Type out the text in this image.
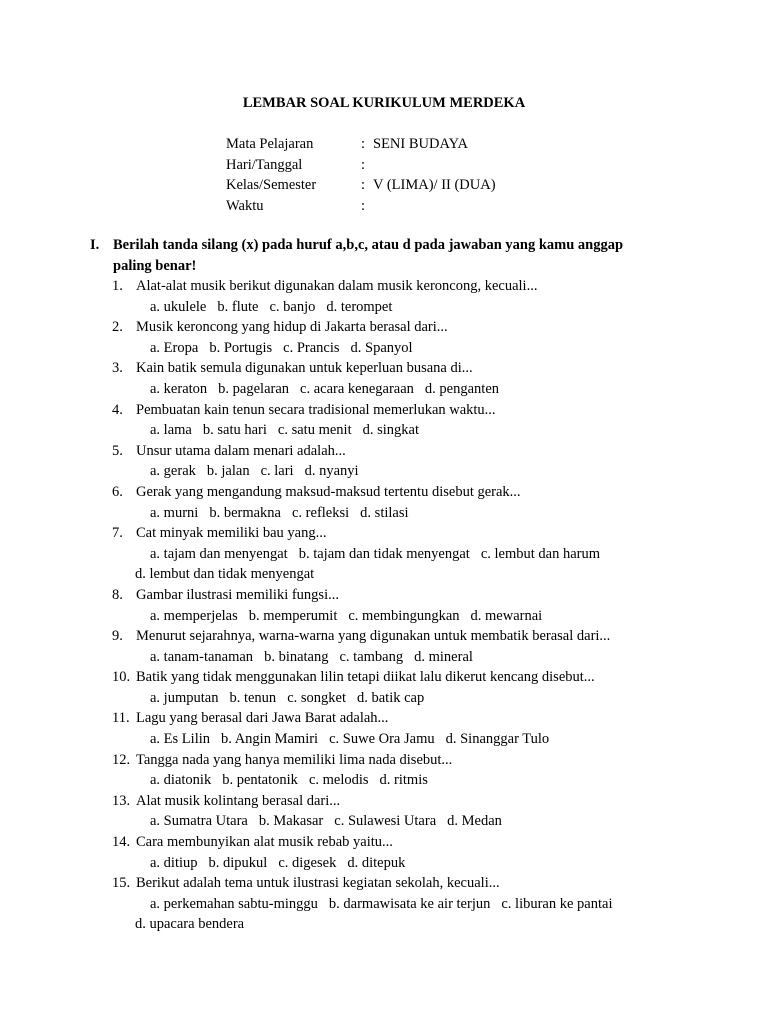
LEMBAR SOAL KURIKULUM MERDEKA
Mata Pelajaran	: SENI BUDAYA
Hari/Tanggal	:
Kelas/Semester	: V (LIMA)/ II (DUA)
Waktu	:
I. Berilah tanda silang (x) pada huruf a,b,c, atau d pada jawaban yang kamu anggap paling benar!
1. Alat-alat musik berikut digunakan dalam musik keroncong, kecuali...
a. ukulele b. flute c. banjo d. terompet
2. Musik keroncong yang hidup di Jakarta berasal dari...
a. Eropa b. Portugis c. Prancis d. Spanyol
3. Kain batik semula digunakan untuk keperluan busana di...
a. keraton b. pagelaran c. acara kenegaraan d. penganten
4. Pembuatan kain tenun secara tradisional memerlukan waktu...
a. lama b. satu hari c. satu menit d. singkat
5. Unsur utama dalam menari adalah...
a. gerak b. jalan c. lari d. nyanyi
6. Gerak yang mengandung maksud-maksud tertentu disebut gerak...
a. murni b. bermakna c. refleksi d. stilasi
7. Cat minyak memiliki bau yang...
a. tajam dan menyengat b. tajam dan tidak menyengat c. lembut dan harum
d. lembut dan tidak menyengat
8. Gambar ilustrasi memiliki fungsi...
a. memperjelas b. memperumit c. membingungkan d. mewarnai
9. Menurut sejarahnya, warna-warna yang digunakan untuk membatik berasal dari...
a. tanam-tanaman b. binatang c. tambang d. mineral
10. Batik yang tidak menggunakan lilin tetapi diikat lalu dikerut kencang disebut...
a. jumputan b. tenun c. songket d. batik cap
11. Lagu yang berasal dari Jawa Barat adalah...
a. Es Lilin b. Angin Mamiri c. Suwe Ora Jamu d. Sinanggar Tulo
12. Tangga nada yang hanya memiliki lima nada disebut...
a. diatonik b. pentatonik c. melodis d. ritmis
13. Alat musik kolintang berasal dari...
a. Sumatra Utara b. Makasar c. Sulawesi Utara d. Medan
14. Cara membunyikan alat musik rebab yaitu...
a. ditiup b. dipukul c. digesek d. ditepuk
15. Berikut adalah tema untuk ilustrasi kegiatan sekolah, kecuali...
a. perkemahan sabtu-minggu b. darmawisata ke air terjun c. liburan ke pantai
d. upacara bendera
